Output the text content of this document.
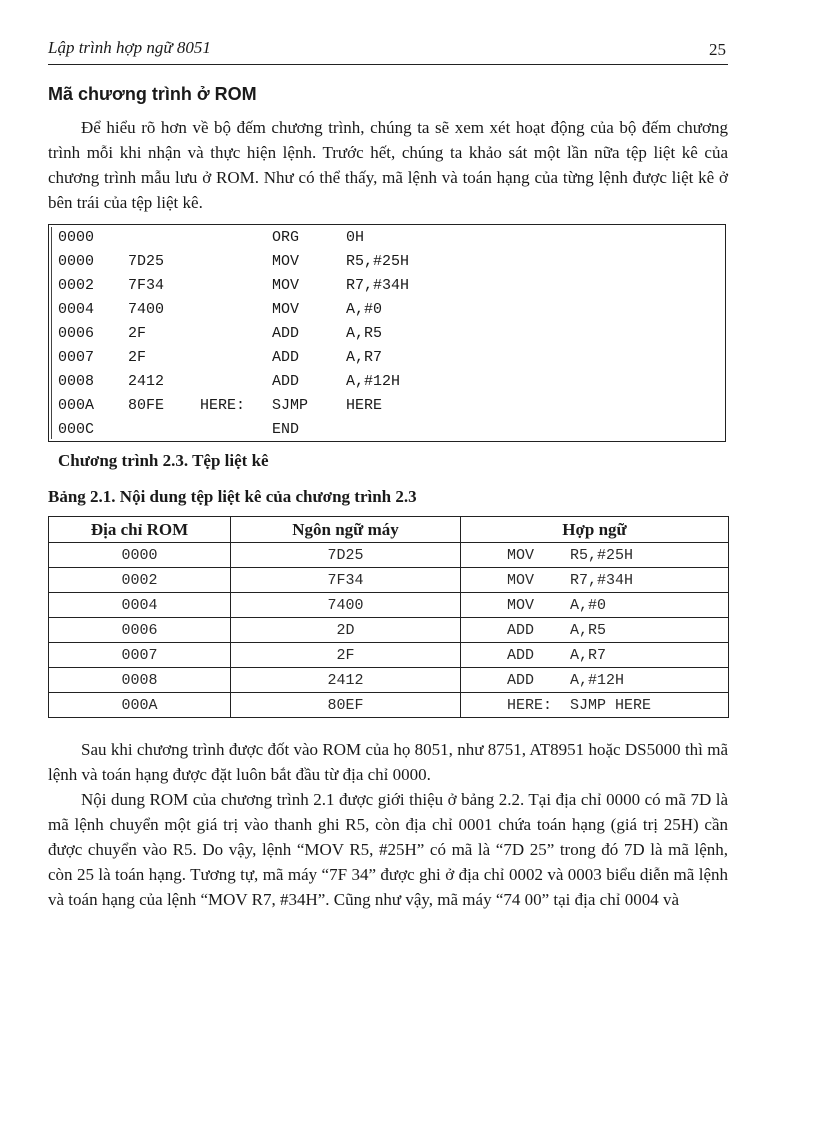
Lập trình hợp ngữ 8051	25
Mã chương trình ở ROM
Để hiểu rõ hơn về bộ đếm chương trình, chúng ta sẽ xem xét hoạt động của bộ đếm chương trình mỗi khi nhận và thực hiện lệnh. Trước hết, chúng ta khảo sát một lần nữa tệp liệt kê của chương trình mẫu lưu ở ROM. Như có thể thấy, mã lệnh và toán hạng của từng lệnh được liệt kê ở bên trái của tệp liệt kê.
0000	ORG	0H
0000 7D25	MOV	R5,#25H
0002 7F34	MOV	R7,#34H
0004 7400	MOV	A,#0
0006 2F	ADD	A,R5
0007 2F	ADD	A,R7
0008 2412	ADD	A,#12H
000A 80FE HERE: SJMP	HERE
000C	END
Chương trình 2.3. Tệp liệt kê
Bảng 2.1. Nội dung tệp liệt kê của chương trình 2.3
Địa chỉ ROM	Ngôn ngữ máy	Hợp ngữ
0000	7D25	MOV    R5,#25H
0002	7F34	MOV    R7,#34H
0004	7400	MOV    A,#0
0006	2D	ADD    A,R5
0007	2F	ADD    A,R7
0008	2412	ADD    A,#12H
000A	80EF	HERE:  SJMP HERE

Sau khi chương trình được đốt vào ROM của họ 8051, như 8751, AT8951 hoặc DS5000 thì mã lệnh và toán hạng được đặt luôn bắt đầu từ địa chỉ 0000.

Nội dung ROM của chương trình 2.1 được giới thiệu ở bảng 2.2. Tại địa chỉ 0000 có mã 7D là mã lệnh chuyển một giá trị vào thanh ghi R5, còn địa chỉ 0001 chứa toán hạng (giá trị 25H) cần được chuyển vào R5. Do vậy, lệnh “MOV R5, #25H” có mã là “7D 25” trong đó 7D là mã lệnh, còn 25 là toán hạng. Tương tự, mã máy “7F 34” được ghi ở địa chỉ 0002 và 0003 biểu diễn mã lệnh và toán hạng của lệnh “MOV R7, #34H”. Cũng như vậy, mã máy “74 00” tại địa chỉ 0004 và
